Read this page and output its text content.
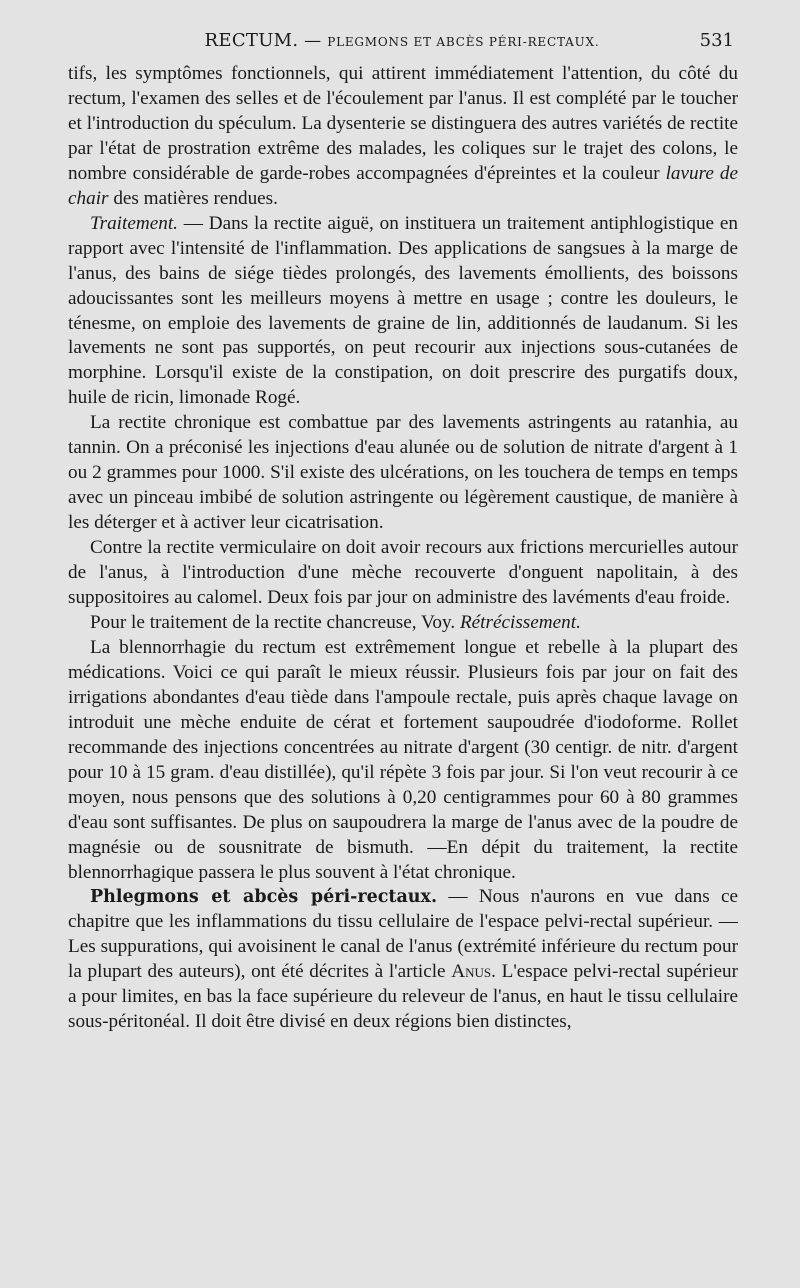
RECTUM. — PLEGMONS ET ABCÈS PÉRI-RECTAUX.	531

tifs, les symptômes fonctionnels, qui attirent immédiatement l'attention, du côté du rectum, l'examen des selles et de l'écoulement par l'anus. Il est complété par le toucher et l'introduction du spéculum. La dysenterie se distinguera des autres variétés de rectite par l'état de prostration extrême des malades, les coliques sur le trajet des colons, le nombre considérable de garde-robes accompagnées d'épreintes et la couleur lavure de chair des matières rendues.

Traitement. — Dans la rectite aiguë, on instituera un traitement antiphlogistique en rapport avec l'intensité de l'inflammation. Des applications de sangsues à la marge de l'anus, des bains de siége tièdes prolongés, des lavements émollients, des boissons adoucissantes sont les meilleurs moyens à mettre en usage ; contre les douleurs, le ténesme, on emploie des lavements de graine de lin, additionnés de laudanum. Si les lavements ne sont pas supportés, on peut recourir aux injections sous-cutanées de morphine. Lorsqu'il existe de la constipation, on doit prescrire des purgatifs doux, huile de ricin, limonade Rogé.

La rectite chronique est combattue par des lavements astringents au ratanhia, au tannin. On a préconisé les injections d'eau alunée ou de solution de nitrate d'argent à 1 ou 2 grammes pour 1000. S'il existe des ulcérations, on les touchera de temps en temps avec un pinceau imbibé de solution astringente ou légèrement caustique, de manière à les déterger et à activer leur cicatrisation.

Contre la rectite vermiculaire on doit avoir recours aux frictions mercurielles autour de l'anus, à l'introduction d'une mèche recouverte d'onguent napolitain, à des suppositoires au calomel. Deux fois par jour on administre des lavéments d'eau froide.

Pour le traitement de la rectite chancreuse, Voy. Rétrécissement.

La blennorrhagie du rectum est extrêmement longue et rebelle à la plupart des médications. Voici ce qui paraît le mieux réussir. Plusieurs fois par jour on fait des irrigations abondantes d'eau tiède dans l'ampoule rectale, puis après chaque lavage on introduit une mèche enduite de cérat et fortement saupoudrée d'iodoforme. Rollet recommande des injections concentrées au nitrate d'argent (30 centigr. de nitr. d'argent pour 10 à 15 gram. d'eau distillée), qu'il répète 3 fois par jour. Si l'on veut recourir à ce moyen, nous pensons que des solutions à 0,20 centigrammes pour 60 à 80 grammes d'eau sont suffisantes. De plus on saupoudrera la marge de l'anus avec de la poudre de magnésie ou de sousnitrate de bismuth. —En dépit du traitement, la rectite blennorrhagique passera le plus souvent à l'état chronique.

Phlegmons et abcès péri-rectaux. — Nous n'aurons en vue dans ce chapitre que les inflammations du tissu cellulaire de l'espace pelvi-rectal supérieur. — Les suppurations, qui avoisinent le canal de l'anus (extrémité inférieure du rectum pour la plupart des auteurs), ont été décrites à l'article Anus. L'espace pelvi-rectal supérieur a pour limites, en bas la face supérieure du releveur de l'anus, en haut le tissu cellulaire sous-péritonéal. Il doit être divisé en deux régions bien distinctes,
